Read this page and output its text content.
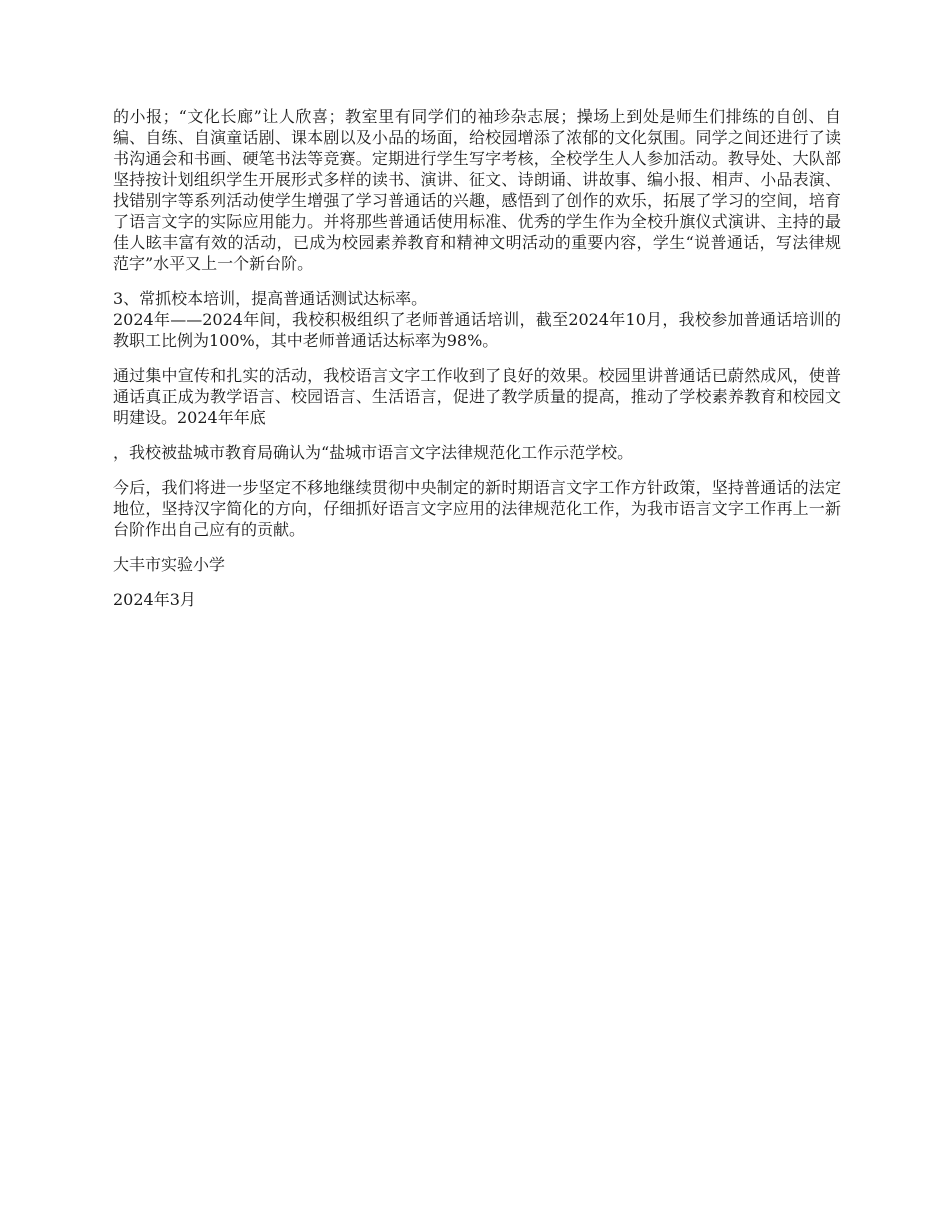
的小报；“文化长廊”让人欣喜；教室里有同学们的袖珍杂志展；操场上到处是师生们排练的自创、自编、自练、自演童话剧、课本剧以及小品的场面，给校园增添了浓郁的文化氛围。同学之间还进行了读书沟通会和书画、硬笔书法等竞赛。定期进行学生写字考核，全校学生人人参加活动。教导处、大队部坚持按计划组织学生开展形式多样的读书、演讲、征文、诗朗诵、讲故事、编小报、相声、小品表演、找错别字等系列活动使学生增强了学习普通话的兴趣，感悟到了创作的欢乐，拓展了学习的空间，培育了语言文字的实际应用能力。并将那些普通话使用标准、优秀的学生作为全校升旗仪式演讲、主持的最佳人眩丰富有效的活动，已成为校园素养教育和精神文明活动的重要内容，学生“说普通话，写法律规范字”水平又上一个新台阶。

3、常抓校本培训，提高普通话测试达标率。

2024年——2024年间，我校积极组织了老师普通话培训，截至2024年10月，我校参加普通话培训的教职工比例为100%，其中老师普通话达标率为98%。

通过集中宣传和扎实的活动，我校语言文字工作收到了良好的效果。校园里讲普通话已蔚然成风，使普通话真正成为教学语言、校园语言、生活语言，促进了教学质量的提高，推动了学校素养教育和校园文明建设。2024年年底

，我校被盐城市教育局确认为“盐城市语言文字法律规范化工作示范学校。

今后，我们将进一步坚定不移地继续贯彻中央制定的新时期语言文字工作方针政策，坚持普通话的法定地位，坚持汉字简化的方向，仔细抓好语言文字应用的法律规范化工作，为我市语言文字工作再上一新台阶作出自己应有的贡献。

大丰市实验小学

2024年3月
